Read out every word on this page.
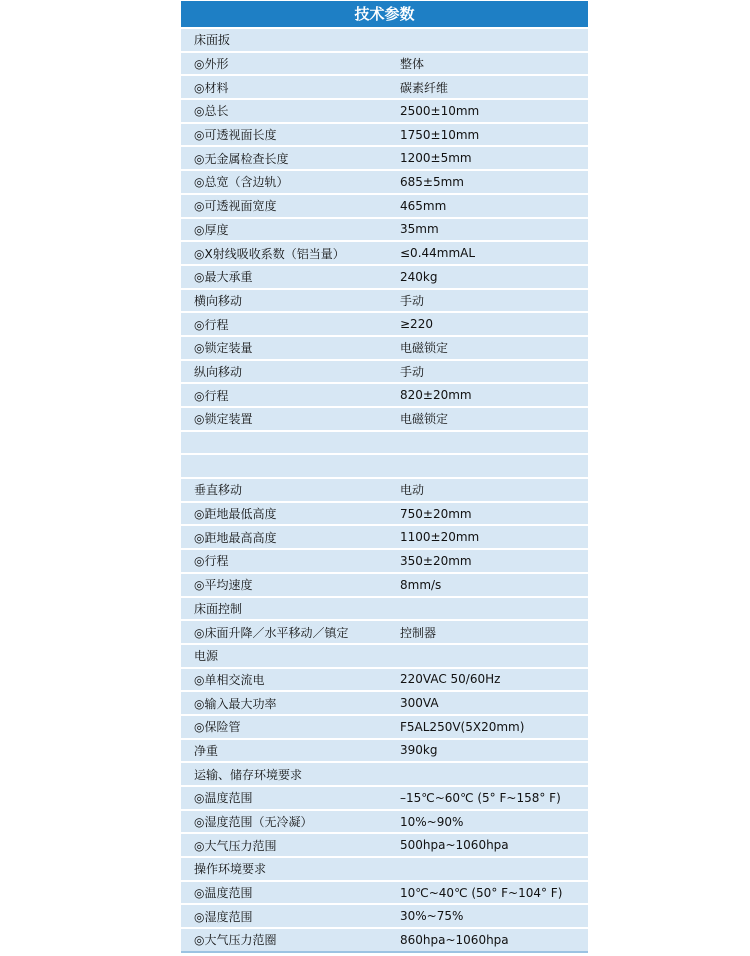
技术参数
床面扳
◎外形	整体
◎材料	碳素纤维
◎总长	2500±10mm
◎可透视面长度	1750±10mm
◎无金属检查长度	1200±5mm
◎总宽（含边轨）	685±5mm
◎可透视面宽度	465mm
◎厚度	35mm
◎X射线吸收系数（铝当量）	≤0.44mmAL
◎最大承重	240kg
横向移动	手动
◎行程	≥220
◎锁定装量	电磁锁定
纵向移动	手动
◎行程	820±20mm
◎锁定装置	电磁锁定
垂直移动	电动
◎距地最低高度	750±20mm
◎距地最高高度	1100±20mm
◎行程	350±20mm
◎平均速度	8mm/s
床面控制
◎床面升降／水平移动／镇定	控制器
电源
◎单相交流电	220VAC 50/60Hz
◎输入最大功率	300VA
◎保险管	F5AL250V(5X20mm)
净重	390kg
运输、储存环境要求
◎温度范围	–15℃~60℃ (5° F~158° F)
◎湿度范围（无冷凝）	10%~90%
◎大气压力范围	500hpa~1060hpa
操作环境要求
◎温度范围	10℃~40℃ (50° F~104° F)
◎湿度范围	30%~75%
◎大气压力范圈	860hpa~1060hpa
